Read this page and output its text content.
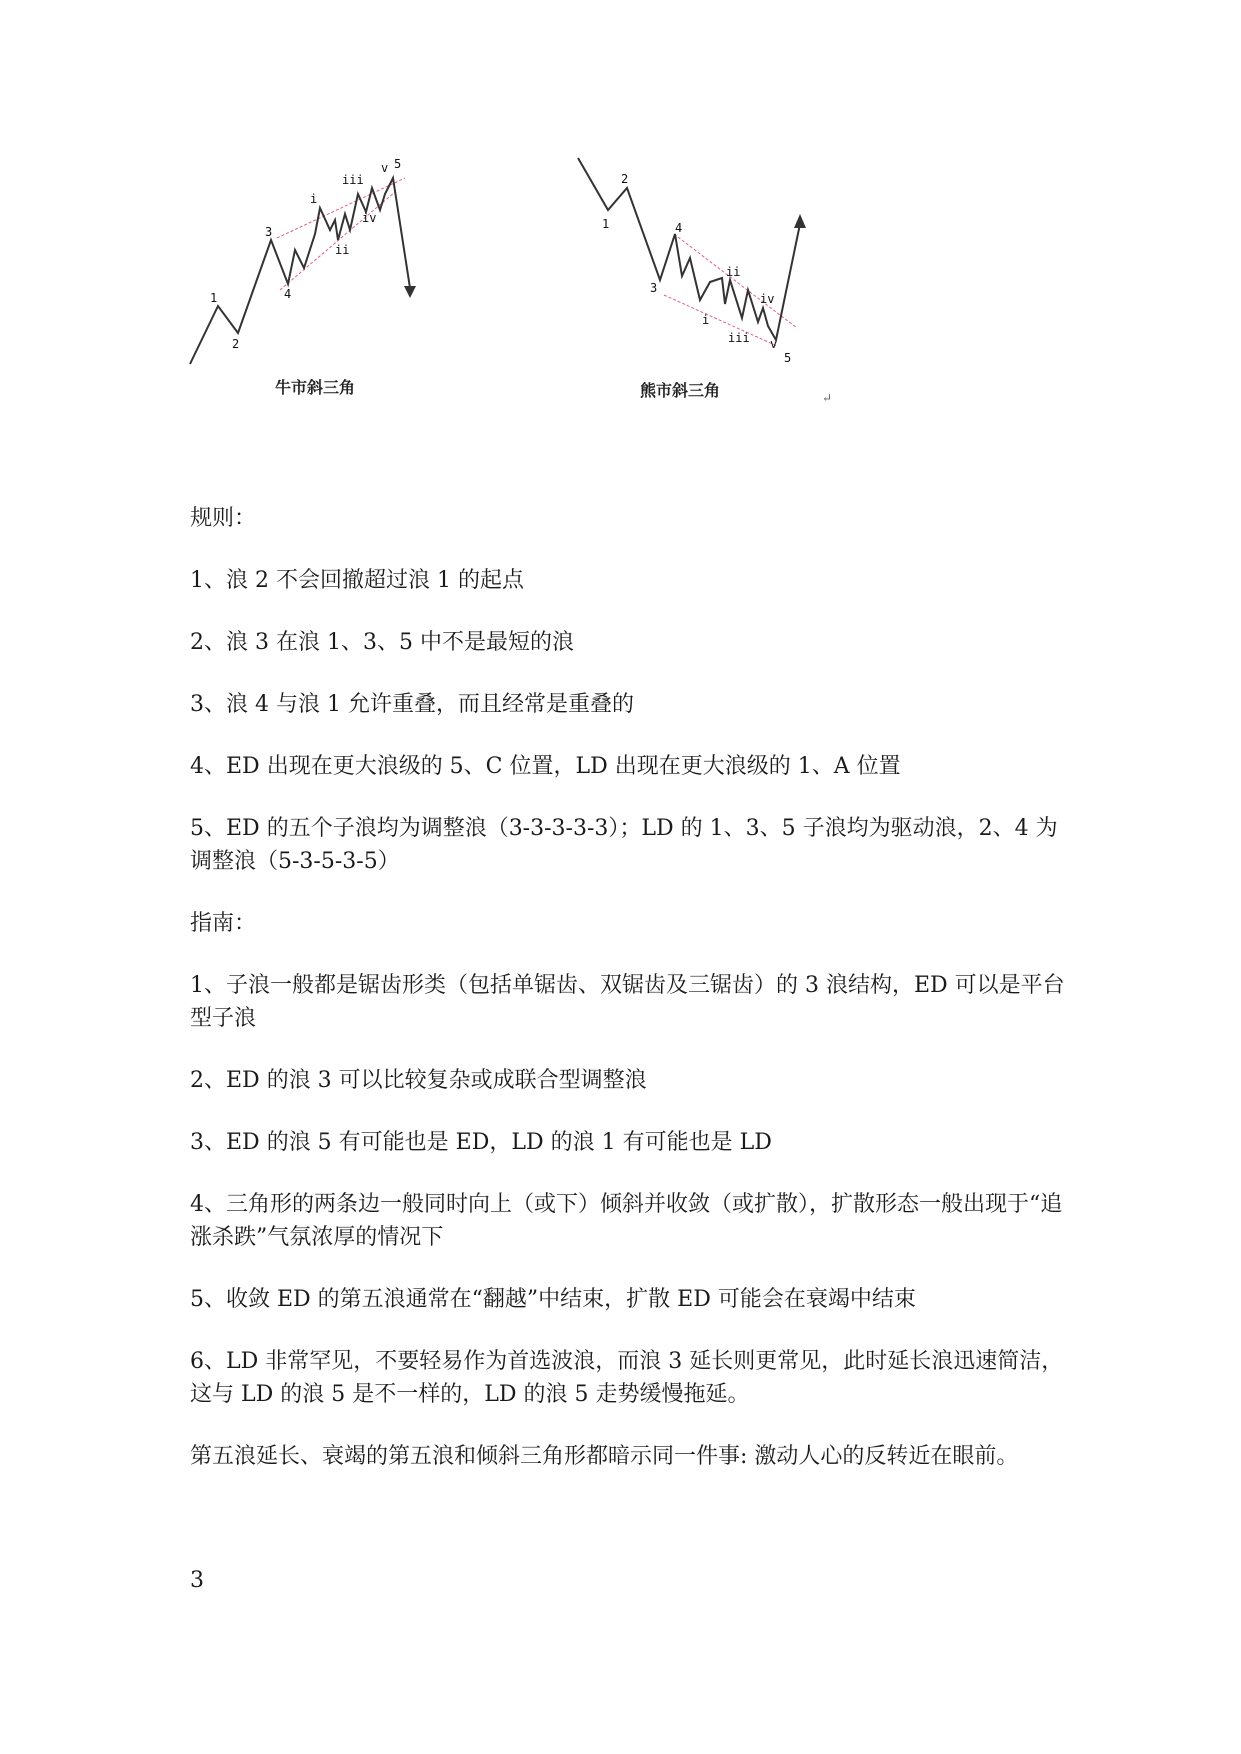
1
2
3
4
i
ii
iii
iv
v 5
1
2
3
4
i
ii
iii
iv
v
5
↵
牛市斜三角	熊市斜三角

规则：

1、浪 2 不会回撤超过浪 1 的起点

2、浪 3 在浪 1、3、5 中不是最短的浪

3、浪 4 与浪 1 允许重叠，而且经常是重叠的

4、ED 出现在更大浪级的 5、C 位置，LD 出现在更大浪级的 1、A 位置

5、ED 的五个子浪均为调整浪（3-3-3-3-3）；LD 的 1、3、5 子浪均为驱动浪，2、4 为调整浪（5-3-5-3-5）

指南：

1、子浪一般都是锯齿形类（包括单锯齿、双锯齿及三锯齿）的 3 浪结构，ED 可以是平台型子浪

2、ED 的浪 3 可以比较复杂或成联合型调整浪

3、ED 的浪 5 有可能也是 ED，LD 的浪 1 有可能也是 LD

4、三角形的两条边一般同时向上（或下）倾斜并收敛（或扩散），扩散形态一般出现于“追涨杀跌”气氛浓厚的情况下

5、收敛 ED 的第五浪通常在“翻越”中结束，扩散 ED 可能会在衰竭中结束

6、LD 非常罕见，不要轻易作为首选波浪，而浪 3 延长则更常见，此时延长浪迅速简洁，这与 LD 的浪 5 是不一样的，LD 的浪 5 走势缓慢拖延。

第五浪延长、衰竭的第五浪和倾斜三角形都暗示同一件事: 激动人心的反转近在眼前。

3
